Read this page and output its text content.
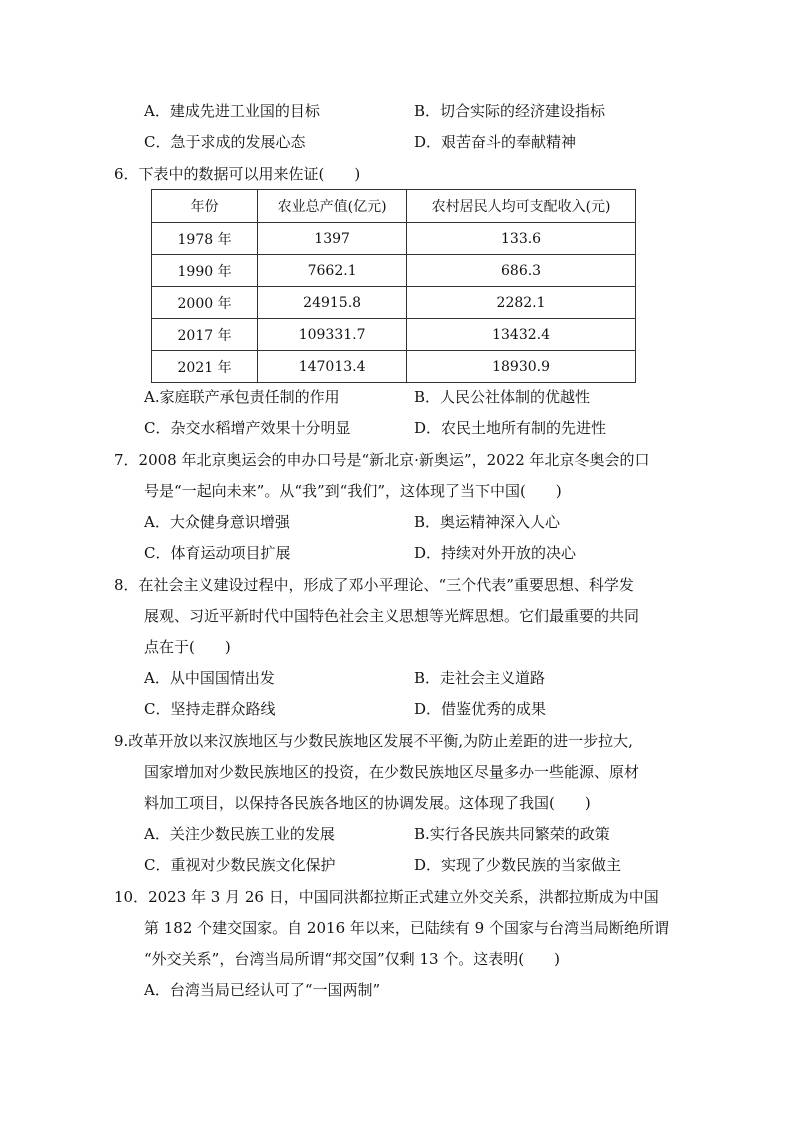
A．建成先进工业国的目标	B．切合实际的经济建设指标
C．急于求成的发展心态	D．艰苦奋斗的奉献精神
6．下表中的数据可以用来佐证(　　)
年份	农业总产值(亿元)	农村居民人均可支配收入(元)
1978 年	1397	133.6
1990 年	7662.1	686.3
2000 年	24915.8	2282.1
2017 年	109331.7	13432.4
2021 年	147013.4	18930.9
A.家庭联产承包责任制的作用	B．人民公社体制的优越性
C．杂交水稻增产效果十分明显	D．农民土地所有制的先进性
7．2008 年北京奥运会的申办口号是“新北京·新奥运”，2022 年北京冬奥会的口
号是“一起向未来”。从“我”到“我们”，这体现了当下中国(　　)
A．大众健身意识增强	B．奥运精神深入人心
C．体育运动项目扩展	D．持续对外开放的决心
8．在社会主义建设过程中，形成了邓小平理论、“三个代表”重要思想、科学发
展观、习近平新时代中国特色社会主义思想等光辉思想。它们最重要的共同
点在于(　　)
A．从中国国情出发	B．走社会主义道路
C．坚持走群众路线	D．借鉴优秀的成果
9.改革开放以来汉族地区与少数民族地区发展不平衡,为防止差距的进一步拉大,
国家增加对少数民族地区的投资，在少数民族地区尽量多办一些能源、原材
料加工项目，以保持各民族各地区的协调发展。这体现了我国(　　)
A．关注少数民族工业的发展	B.实行各民族共同繁荣的政策
C．重视对少数民族文化保护	D．实现了少数民族的当家做主
10．2023 年 3 月 26 日，中国同洪都拉斯正式建立外交关系，洪都拉斯成为中国
第 182 个建交国家。自 2016 年以来，已陆续有 9 个国家与台湾当局断绝所谓
“外交关系”，台湾当局所谓“邦交国”仅剩 13 个。这表明(　　)
A．台湾当局已经认可了“一国两制”
